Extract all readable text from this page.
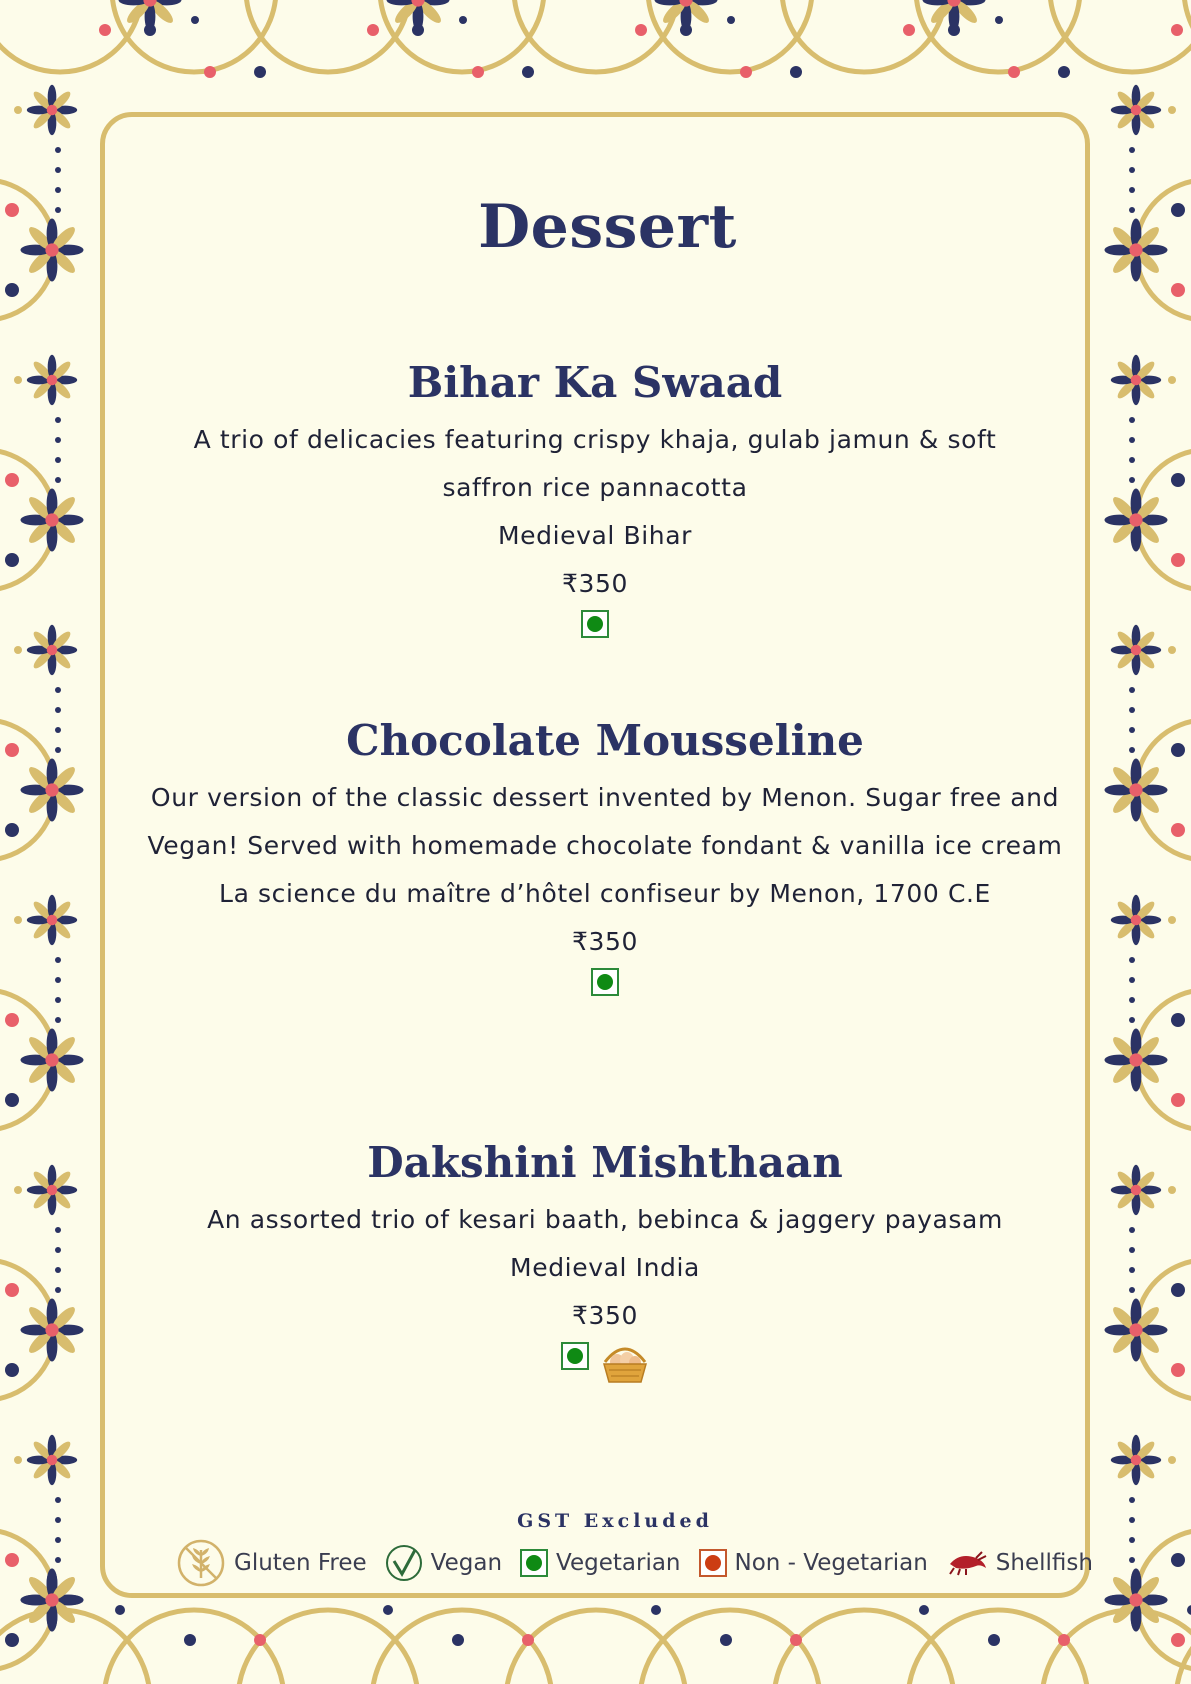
Dessert
Bihar Ka Swaad
A trio of delicacies featuring crispy khaja, gulab jamun & soft saffron rice pannacotta
Medieval Bihar
₹350
Chocolate Mousseline
Our version of the classic dessert invented by Menon. Sugar free and Vegan! Served with homemade chocolate fondant & vanilla ice cream
La science du maître d’hôtel confiseur by Menon, 1700 C.E
₹350
Dakshini Mishthaan
An assorted trio of kesari baath, bebinca & jaggery payasam
Medieval India
₹350
GST Excluded
Gluten Free	Vegan Vegetarian Non - Vegetarian	Shellfish
